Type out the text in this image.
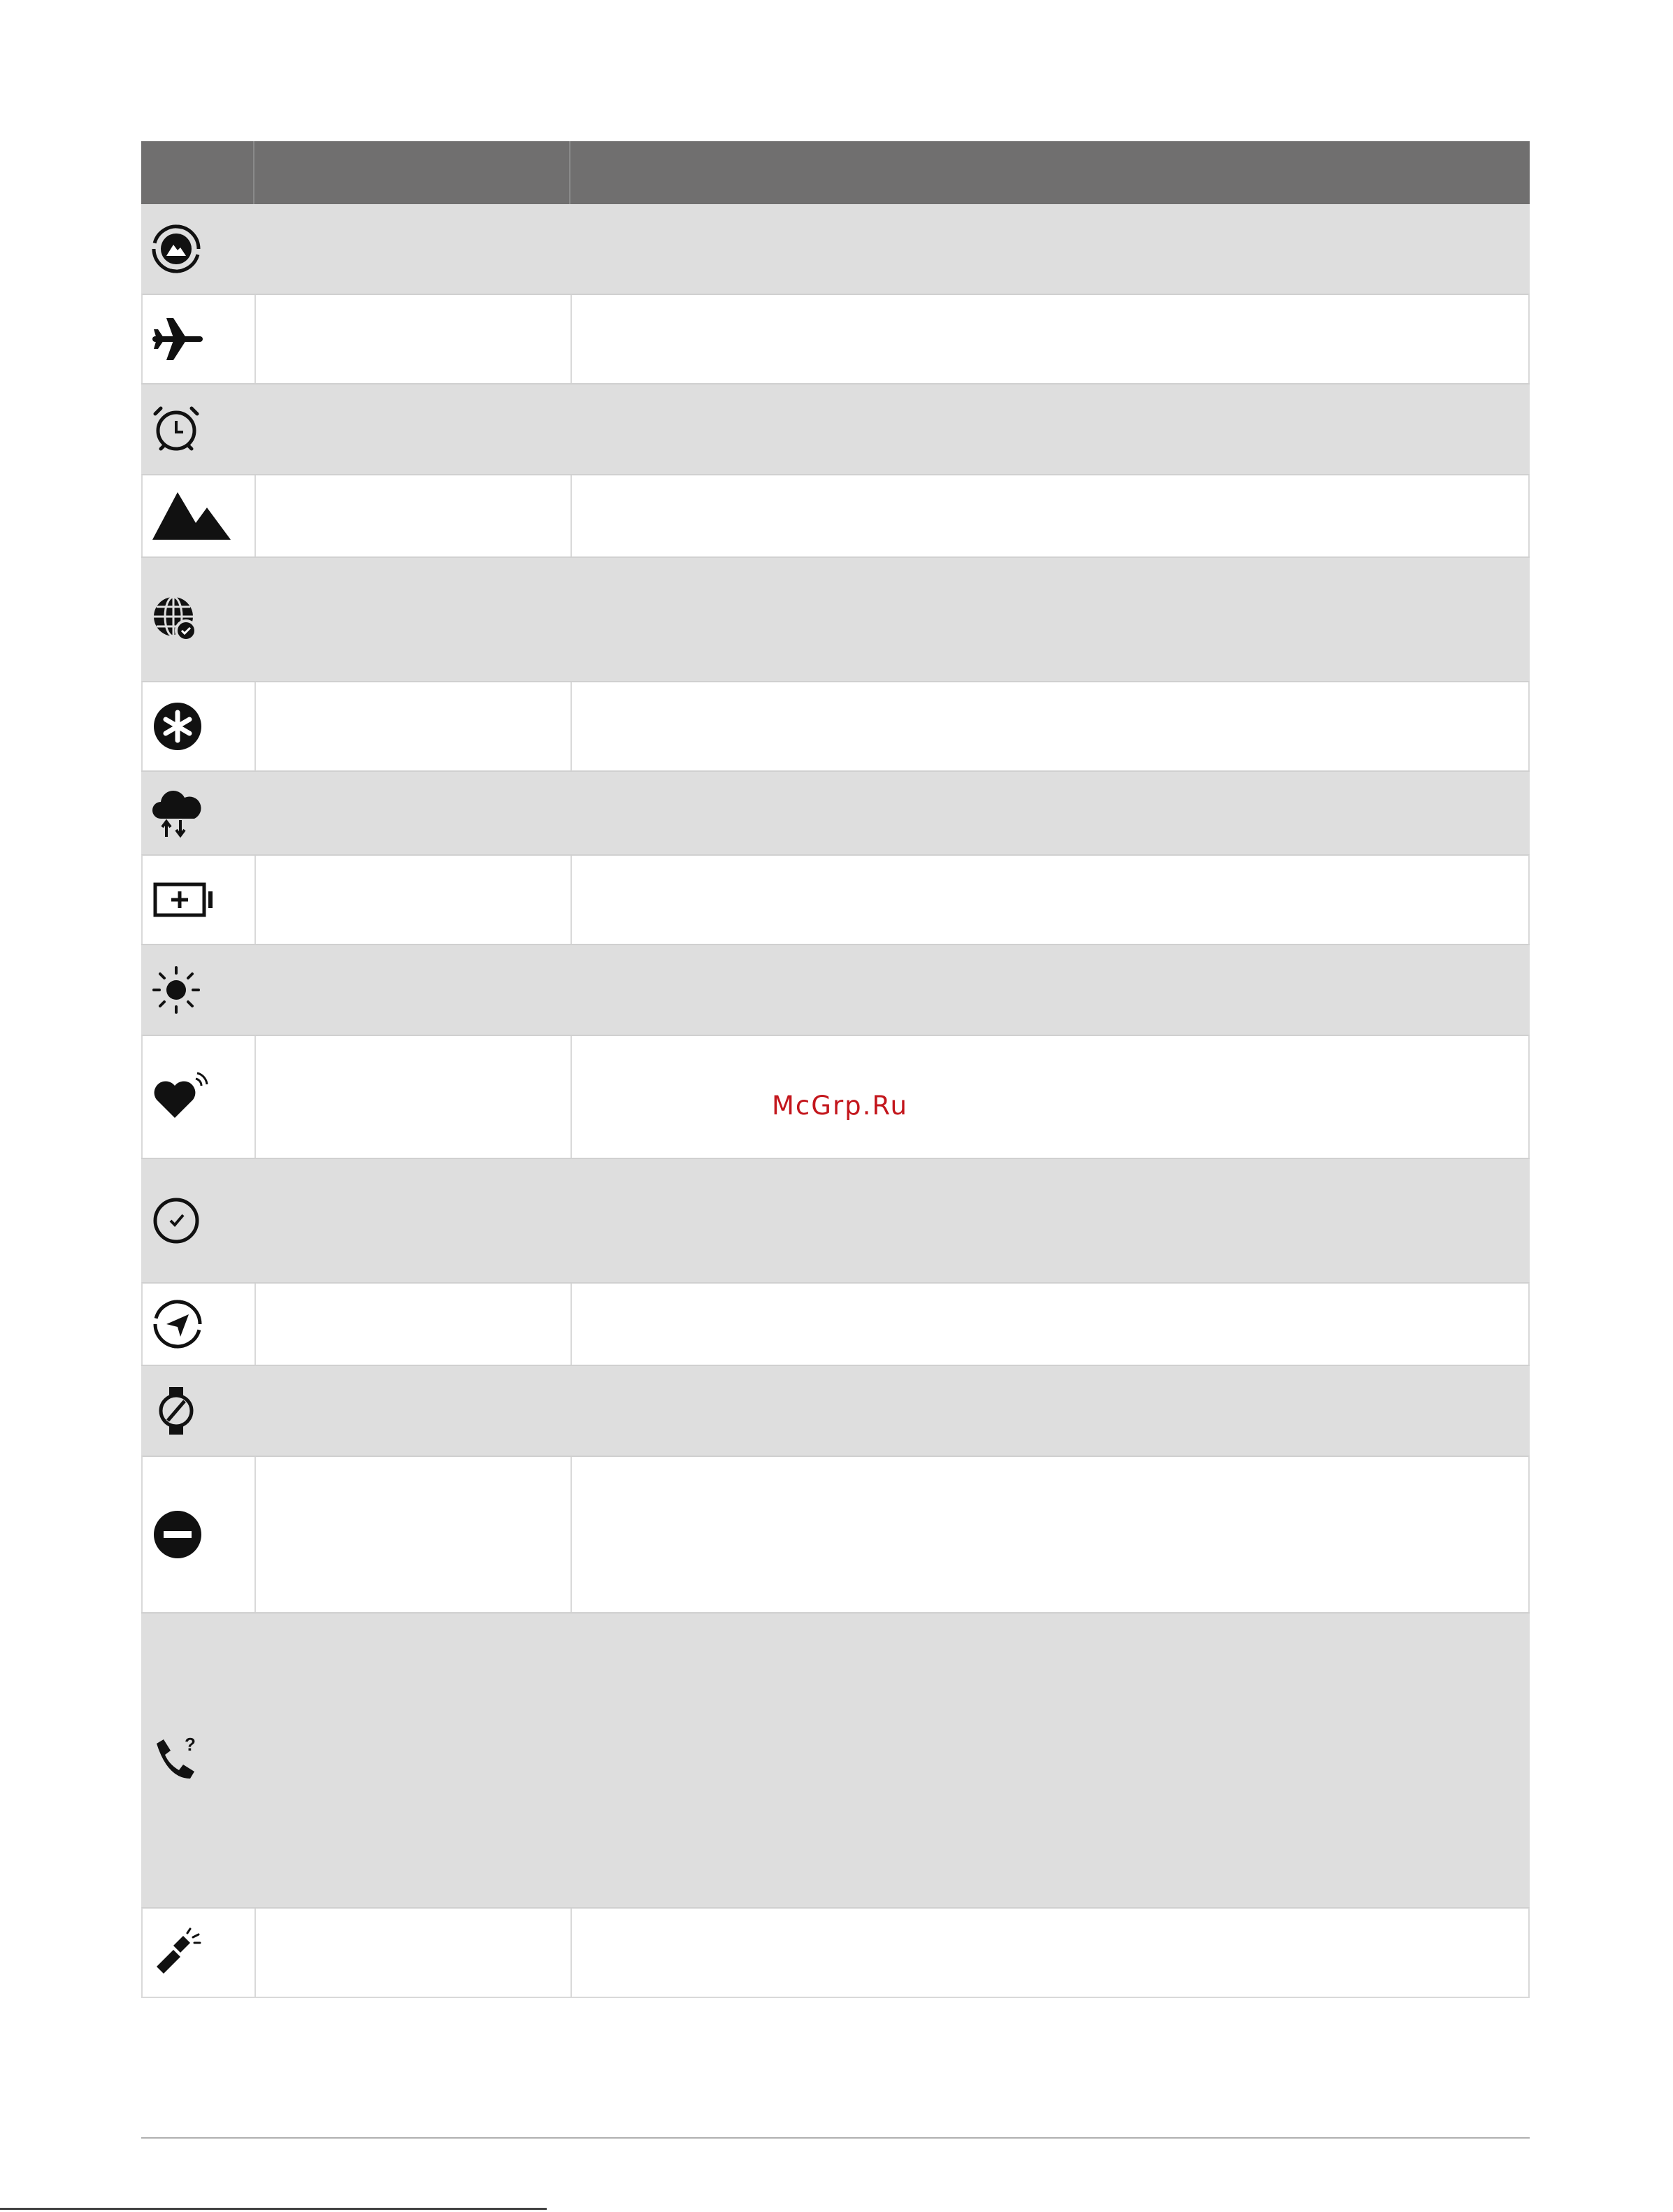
?
McGrp.Ru
